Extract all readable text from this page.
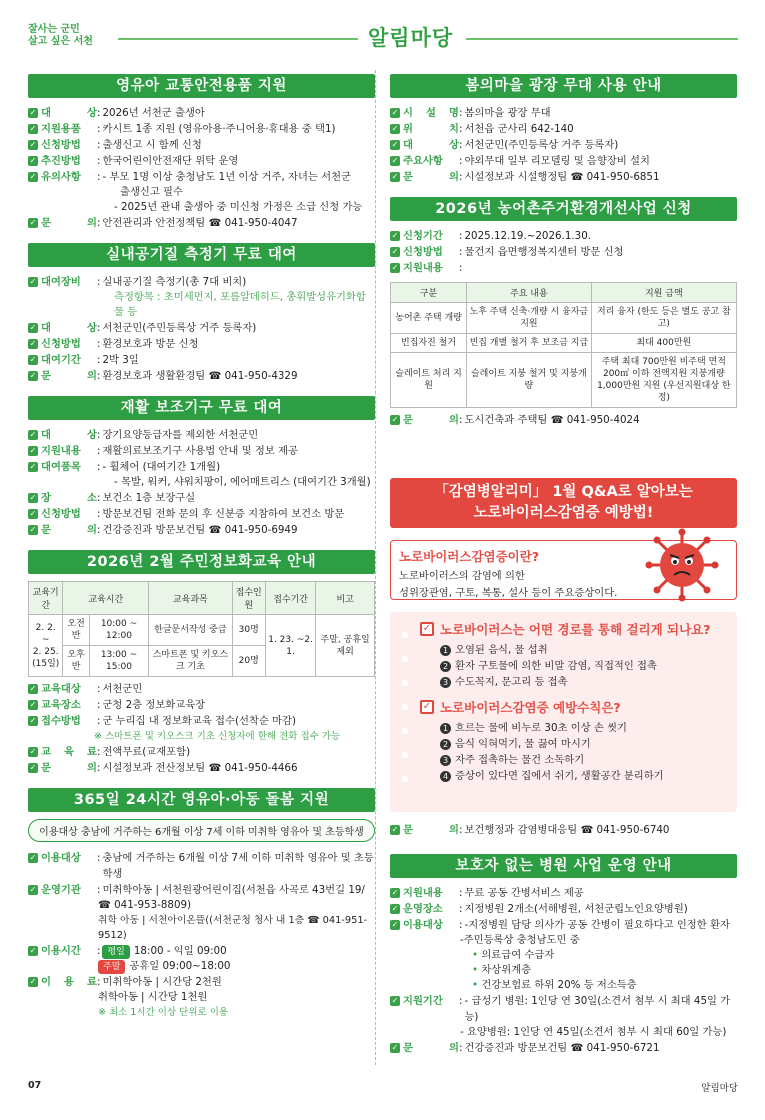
잘사는 군민
살고 싶은 서천	알림마당
영유아 교통안전용품 지원
✓ 대 상 : 2026년 서천군 출생아
✓ 지원용품	: 카시트 1종 지원 (영유아용·주니어용·휴대용 중 택1)
✓ 신청방법	: 출생신고 시 함께 신청
✓ 추진방법	: 한국어린이안전재단 위탁 운영
✓ 유의사항	: - 부모 1명 이상 충청남도 1년 이상 거주, 자녀는 서천군
출생신고 필수
- 2025년 관내 출생아 중 미신청 가정은 소급 신청 가능
✓ 문 의 : 안전관리과 안전정책팀 ☎ 041-950-4047
실내공기질 측정기 무료 대여
✓ 대여장비	: 실내공기질 측정기(총 7대 비치)
측정항목 : 초미세먼지, 포름알데히드, 총휘발성유기화합물 등
✓ 대 상 : 서천군민(주민등록상 거주 등록자)
✓ 신청방법	: 환경보호과 방문 신청
✓ 대여기간	: 2박 3일
✓ 문 의 : 환경보호과 생활환경팀 ☎ 041-950-4329
재활 보조기구 무료 대여
✓ 대 상 : 장기요양등급자를 제외한 서천군민
✓ 지원내용	: 재활의료보조기구 사용법 안내 및 정보 제공
✓ 대여품목	: - 휠체어 (대여기간 1개월)
- 목발, 워커, 샤워치팡이, 에어매트리스 (대여기간 3개월)
✓ 장 소 : 보건소 1층 보장구실
✓ 신청방법	: 방문보건팀 전화 문의 후 신분증 지참하여 보건소 방문
✓ 문 의 : 건강증진과 방문보건팀 ☎ 041-950-6949
2026년 2월 주민정보화교육 안내
교육기간	교육시간		교육과목	접수인원	접수기간	비고
2. 2.
~
2. 25.
(15일)	오전반	10:00 ~ 12:00	한글문서작성 중급	30명	1. 23. ~2. 1.	주말, 공휴일 제외
	오후반	13:00 ~ 15:00	스마트폰 및 키오스크 기초	20명		
✓ 교육대상	: 서천군민
✓ 교육장소	: 군청 2층 정보화교육장
✓ 접수방법	: 군 누리집 내 정보화교육 접수(선착순 마감)
※ 스마트폰 및 키오스크 기초 신청자에 한해 전화 접수 가능
✓ 교 육 료 : 전액무료(교재포함)
✓ 문 의 : 시설정보과 전산정보팀 ☎ 041-950-4466
365일 24시간 영유아·아동 돌봄 지원
이용대상 충남에 거주하는 6개월 이상 7세 이하 미취학 영유아 및 초등학생
✓ 이용대상	: 충남에 거주하는 6개월 이상 7세 이하 미취학 영유아 및 초등학생
✓ 운영기관	: 미취학아동 | 서천원광어린이집(서천읍 사곡로 43번길 19/
☎ 041-953-8809)
취학 아동 | 서천아이온뜰((서천군청 청사 내 1층 ☎ 041-951-9512)
✓ 이용시간	: 평일 18:00 - 익일 09:00
주말 공휴일 09:00~18:00
✓ 이 용 료 : 미취학아동 | 시간당 2천원
취학아동 | 시간당 1천원
※ 최소 1시간 이상 단위로 이용
봄의마을 광장 무대 사용 안내
✓ 시 설 명 : 봄의마을 광장 무대
✓ 위 치 : 서천읍 군사리 642-140
✓ 대 상 : 서천군민(주민등록상 거주 등록자)
✓ 주요사항	: 야외무대 일부 리모델링 및 음향장비 설치
✓ 문 의 : 시설정보과 시설행정팀 ☎ 041-950-6851
2026년 농어촌주거환경개선사업 신청
✓ 신청기간	: 2025.12.19.~2026.1.30.
✓ 신청방법	: 물건지 읍면행정복지센터 방문 신청
✓ 지원내용	:
구분	주요 내용	지원 금액
농어촌 주택 개량	노후 주택 신축·개량 시 융자금 지원	저리 융자 (한도 등은 별도 공고 참고)
빈집자진 철거	빈집 개별 철거 후 보조금 지급	최대 400만원
슬레이트 처리 지원	슬레이트 지붕 철거 및 지붕개량	주택 최대 700만원 비주택 면적200㎡ 이하 전액지원 지붕개량 1,000만원 지원 (우선지원대상 한정)
✓ 문 의 : 도시건축과 주택팀 ☎ 041-950-4024
「감염병알리미」 1월 Q&A로 알아보는
노로바이러스감염증 예방법!
노로바이러스감염증이란?
노로바이러스의 감염에 의한
성위장관염, 구토, 복통, 설사 등이 주요증상이다.
✓ 노로바이러스는 어떤 경로를 통해 걸리게 되나요?
1 오염된 음식, 물 섭취
2 환자 구토물에 의한 비말 감염, 직접적인 접촉
3 수도꼭지, 문고리 등 접촉
✓ 노로바이러스감염증 예방수칙은?
1 흐르는 물에 비누로 30초 이상 손 씻기
2 음식 익혀먹기, 물 끓여 마시기
3 자주 접촉하는 물건 소독하기
4 증상이 있다면 집에서 쉬기, 생활공간 분리하기
✓ 문 의 : 보건행정과 감염병대응팀 ☎ 041-950-6740
보호자 없는 병원 사업 운영 안내
✓ 지원내용	: 무료 공동 간병서비스 제공
✓ 운영장소	: 지정병원 2개소(서해병원, 서천군립노인요양병원)
✓ 이용대상	: -지정병원 담당 의사가 공동 간병이 필요하다고 인정한 환자
-주민등록상 충청남도민 중
• 의료급여 수급자
• 차상위계층
• 건강보험료 하위 20% 등 저소득층
✓ 지원기간	: - 급성기 병원: 1인당 연 30일(소견서 첨부 시 최대 45일 가능)
- 요양병원: 1인당 연 45일(소견서 첨부 시 최대 60일 가능)
✓ 문 의 : 건강증진과 방문보건팀 ☎ 041-950-6721
07	알림마당
